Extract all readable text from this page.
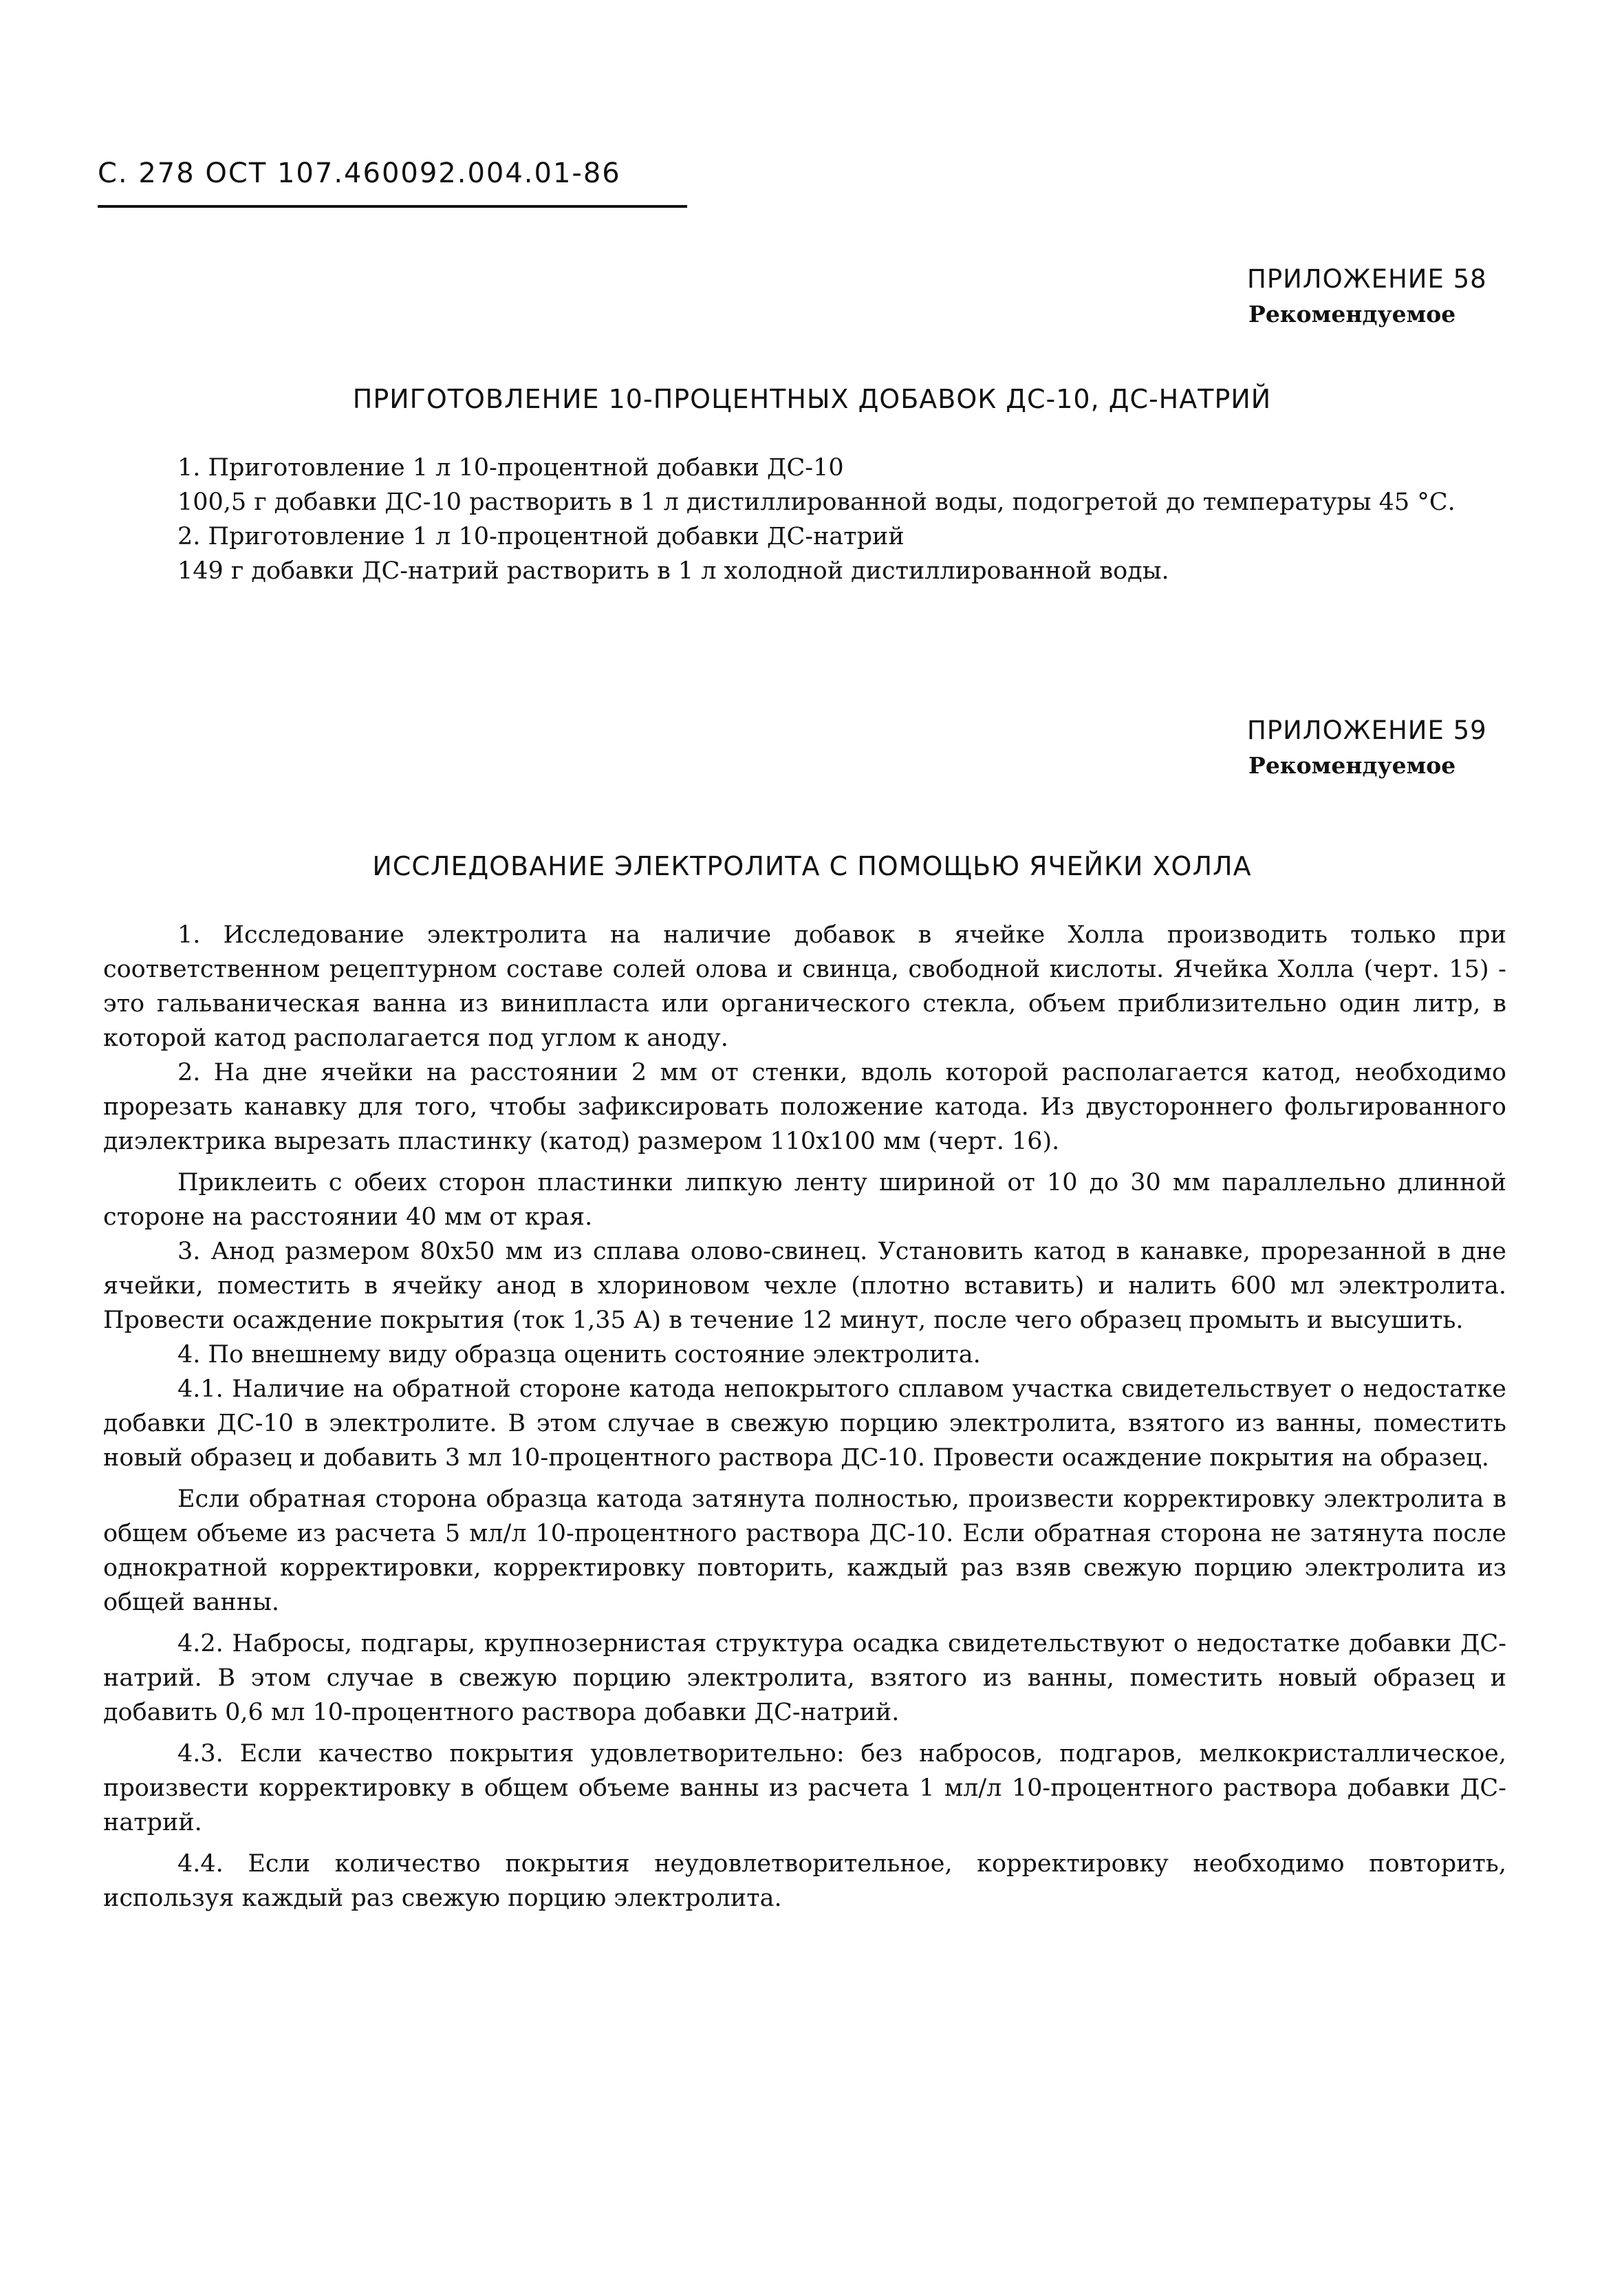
С. 278 ОСТ 107.460092.004.01-86
ПРИЛОЖЕНИЕ 58
Рекомендуемое
ПРИГОТОВЛЕНИЕ 10-ПРОЦЕНТНЫХ ДОБАВОК ДС-10, ДС-НАТРИЙ

1. Приготовление 1 л 10-процентной добавки ДС-10

100,5 г добавки ДС-10 растворить в 1 л дистиллированной воды, подогретой до температуры 45 °С.

2. Приготовление 1 л 10-процентной добавки ДС-натрий

149 г добавки ДС-натрий растворить в 1 л холодной дистиллированной воды.

ПРИЛОЖЕНИЕ 59
Рекомендуемое
ИССЛЕДОВАНИЕ ЭЛЕКТРОЛИТА С ПОМОЩЬЮ ЯЧЕЙКИ ХОЛЛА

1. Исследование электролита на наличие добавок в ячейке Холла производить только при соответственном рецептурном составе солей олова и свинца, свободной кислоты. Ячейка Холла (черт. 15) - это гальваническая ванна из винипласта или органического стекла, объем приблизительно один литр, в которой катод располагается под углом к аноду.

2. На дне ячейки на расстоянии 2 мм от стенки, вдоль которой располагается катод, необходимо прорезать канавку для того, чтобы зафиксировать положение катода. Из двустороннего фольгированного диэлектрика вырезать пластинку (катод) размером 110x100 мм (черт. 16).

Приклеить с обеих сторон пластинки липкую ленту шириной от 10 до 30 мм параллельно длинной стороне на расстоянии 40 мм от края.

3. Анод размером 80x50 мм из сплава олово-свинец. Установить катод в канавке, прорезанной в дне ячейки, поместить в ячейку анод в хлориновом чехле (плотно вставить) и налить 600 мл электролита. Провести осаждение покрытия (ток 1,35 А) в течение 12 минут, после чего образец промыть и высушить.

4. По внешнему виду образца оценить состояние электролита.

4.1. Наличие на обратной стороне катода непокрытого сплавом участка свидетельствует о недостатке добавки ДС-10 в электролите. В этом случае в свежую порцию электролита, взятого из ванны, поместить новый образец и добавить 3 мл 10-процентного раствора ДС-10. Провести осаждение покрытия на образец.

Если обратная сторона образца катода затянута полностью, произвести корректировку электролита в общем объеме из расчета 5 мл/л 10-процентного раствора ДС-10. Если обратная сторона не затянута после однократной корректировки, корректировку повторить, каждый раз взяв свежую порцию электролита из общей ванны.

4.2. Набросы, подгары, крупнозернистая структура осадка свидетельствуют о недостатке добавки ДС-натрий. В этом случае в свежую порцию электролита, взятого из ванны, поместить новый образец и добавить 0,6 мл 10-процентного раствора добавки ДС-натрий.

4.3. Если качество покрытия удовлетворительно: без набросов, подгаров, мелкокристаллическое, произвести корректировку в общем объеме ванны из расчета 1 мл/л 10-процентного раствора добавки ДС-натрий.

4.4. Если количество покрытия неудовлетворительное, корректировку необходимо повторить, используя каждый раз свежую порцию электролита.
